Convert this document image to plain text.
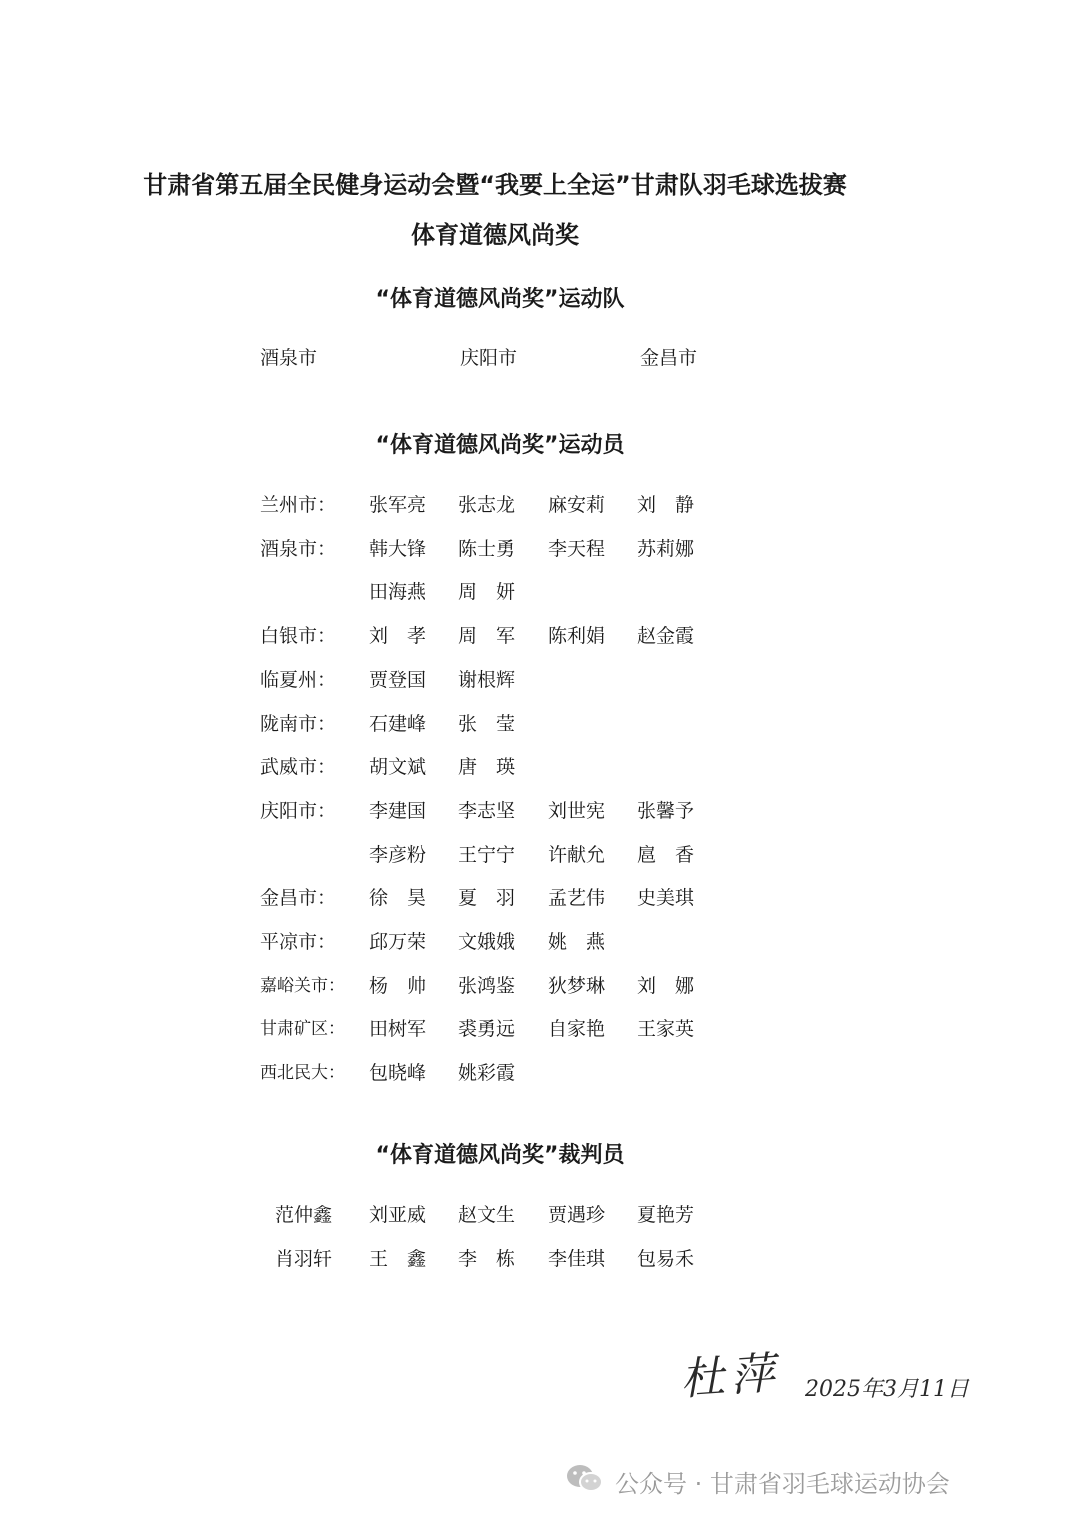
甘肃省第五届全民健身运动会暨“我要上全运”甘肃队羽毛球选拔赛
体育道德风尚奖
“体育道德风尚奖”运动队
酒泉市	庆阳市	金昌市
“体育道德风尚奖”运动员
兰州市： 张军亮 张志龙 麻安莉 刘　静
酒泉市： 韩大锋 陈士勇 李天程 苏莉娜
田海燕 周　妍
白银市： 刘　孝 周　军 陈利娟 赵金霞
临夏州： 贾登国 谢根辉
陇南市： 石建峰 张　莹
武威市： 胡文斌 唐　瑛
庆阳市： 李建国 李志坚 刘世宪 张馨予
李彦粉 王宁宁 许献允 扈　香
金昌市： 徐　昊 夏　羽 孟艺伟 史美琪
平凉市： 邱万荣 文娥娥 姚　燕
嘉峪关市： 杨　帅 张鸿鉴 狄梦琳 刘　娜
甘肃矿区： 田树军 裘勇远 自家艳 王家英
西北民大： 包晓峰 姚彩霞
“体育道德风尚奖”裁判员
范仲鑫 刘亚威 赵文生 贾遇珍 夏艳芳
肖羽轩 王　鑫 李　栋 李佳琪 包易禾
杜萍 2025年3月11日
公众号 · 甘肃省羽毛球运动协会
